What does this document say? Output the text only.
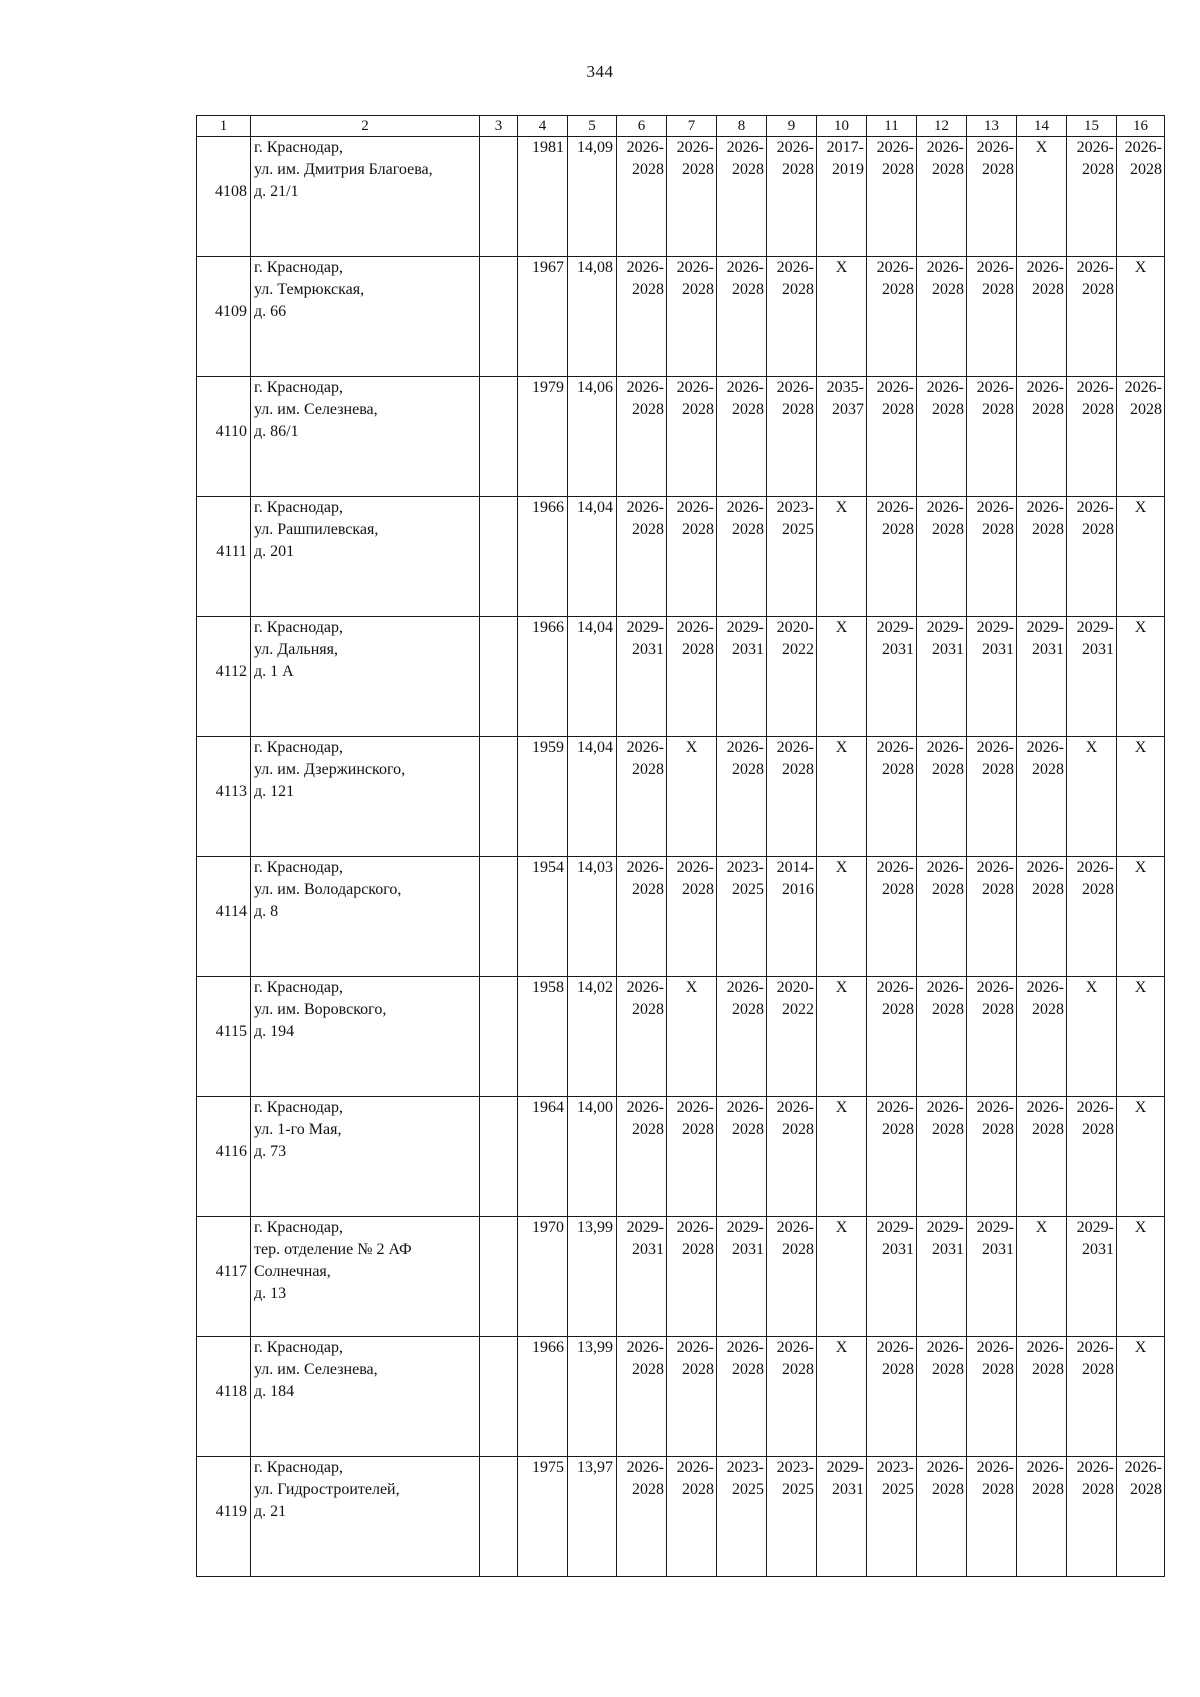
344
1	2	3	4	5	6	7	8	9	10	11	12	13	14	15	16

4108	г. Краснодар,
ул. им. Дмитрия Благоева,
д. 21/1		1981	14,09	2026-
2028	2026-
2028	2026-
2028	2026-
2028	2017-
2019	2026-
2028	2026-
2028	2026-
2028	X	2026-
2028	2026-
2028

4109	г. Краснодар,
ул. Темрюкская,
д. 66		1967	14,08	2026-
2028	2026-
2028	2026-
2028	2026-
2028	X	2026-
2028	2026-
2028	2026-
2028	2026-
2028	2026-
2028	X

4110	г. Краснодар,
ул. им. Селезнева,
д. 86/1		1979	14,06	2026-
2028	2026-
2028	2026-
2028	2026-
2028	2035-
2037	2026-
2028	2026-
2028	2026-
2028	2026-
2028	2026-
2028	2026-
2028

4111	г. Краснодар,
ул. Рашпилевская,
д. 201		1966	14,04	2026-
2028	2026-
2028	2026-
2028	2023-
2025	X	2026-
2028	2026-
2028	2026-
2028	2026-
2028	2026-
2028	X

4112	г. Краснодар,
ул. Дальняя,
д. 1 А		1966	14,04	2029-
2031	2026-
2028	2029-
2031	2020-
2022	X	2029-
2031	2029-
2031	2029-
2031	2029-
2031	2029-
2031	X

4113	г. Краснодар,
ул. им. Дзержинского,
д. 121		1959	14,04	2026-
2028	X	2026-
2028	2026-
2028	X	2026-
2028	2026-
2028	2026-
2028	2026-
2028	X	X

4114	г. Краснодар,
ул. им. Володарского,
д. 8		1954	14,03	2026-
2028	2026-
2028	2023-
2025	2014-
2016	X	2026-
2028	2026-
2028	2026-
2028	2026-
2028	2026-
2028	X

4115	г. Краснодар,
ул. им. Воровского,
д. 194		1958	14,02	2026-
2028	X	2026-
2028	2020-
2022	X	2026-
2028	2026-
2028	2026-
2028	2026-
2028	X	X

4116	г. Краснодар,
ул. 1-го Мая,
д. 73		1964	14,00	2026-
2028	2026-
2028	2026-
2028	2026-
2028	X	2026-
2028	2026-
2028	2026-
2028	2026-
2028	2026-
2028	X

4117	г. Краснодар,
тер. отделение № 2 АФ
Солнечная,
д. 13		1970	13,99	2029-
2031	2026-
2028	2029-
2031	2026-
2028	X	2029-
2031	2029-
2031	2029-
2031	X	2029-
2031	X

4118	г. Краснодар,
ул. им. Селезнева,
д. 184		1966	13,99	2026-
2028	2026-
2028	2026-
2028	2026-
2028	X	2026-
2028	2026-
2028	2026-
2028	2026-
2028	2026-
2028	X

4119	г. Краснодар,
ул. Гидростроителей,
д. 21		1975	13,97	2026-
2028	2026-
2028	2023-
2025	2023-
2025	2029-
2031	2023-
2025	2026-
2028	2026-
2028	2026-
2028	2026-
2028	2026-
2028
